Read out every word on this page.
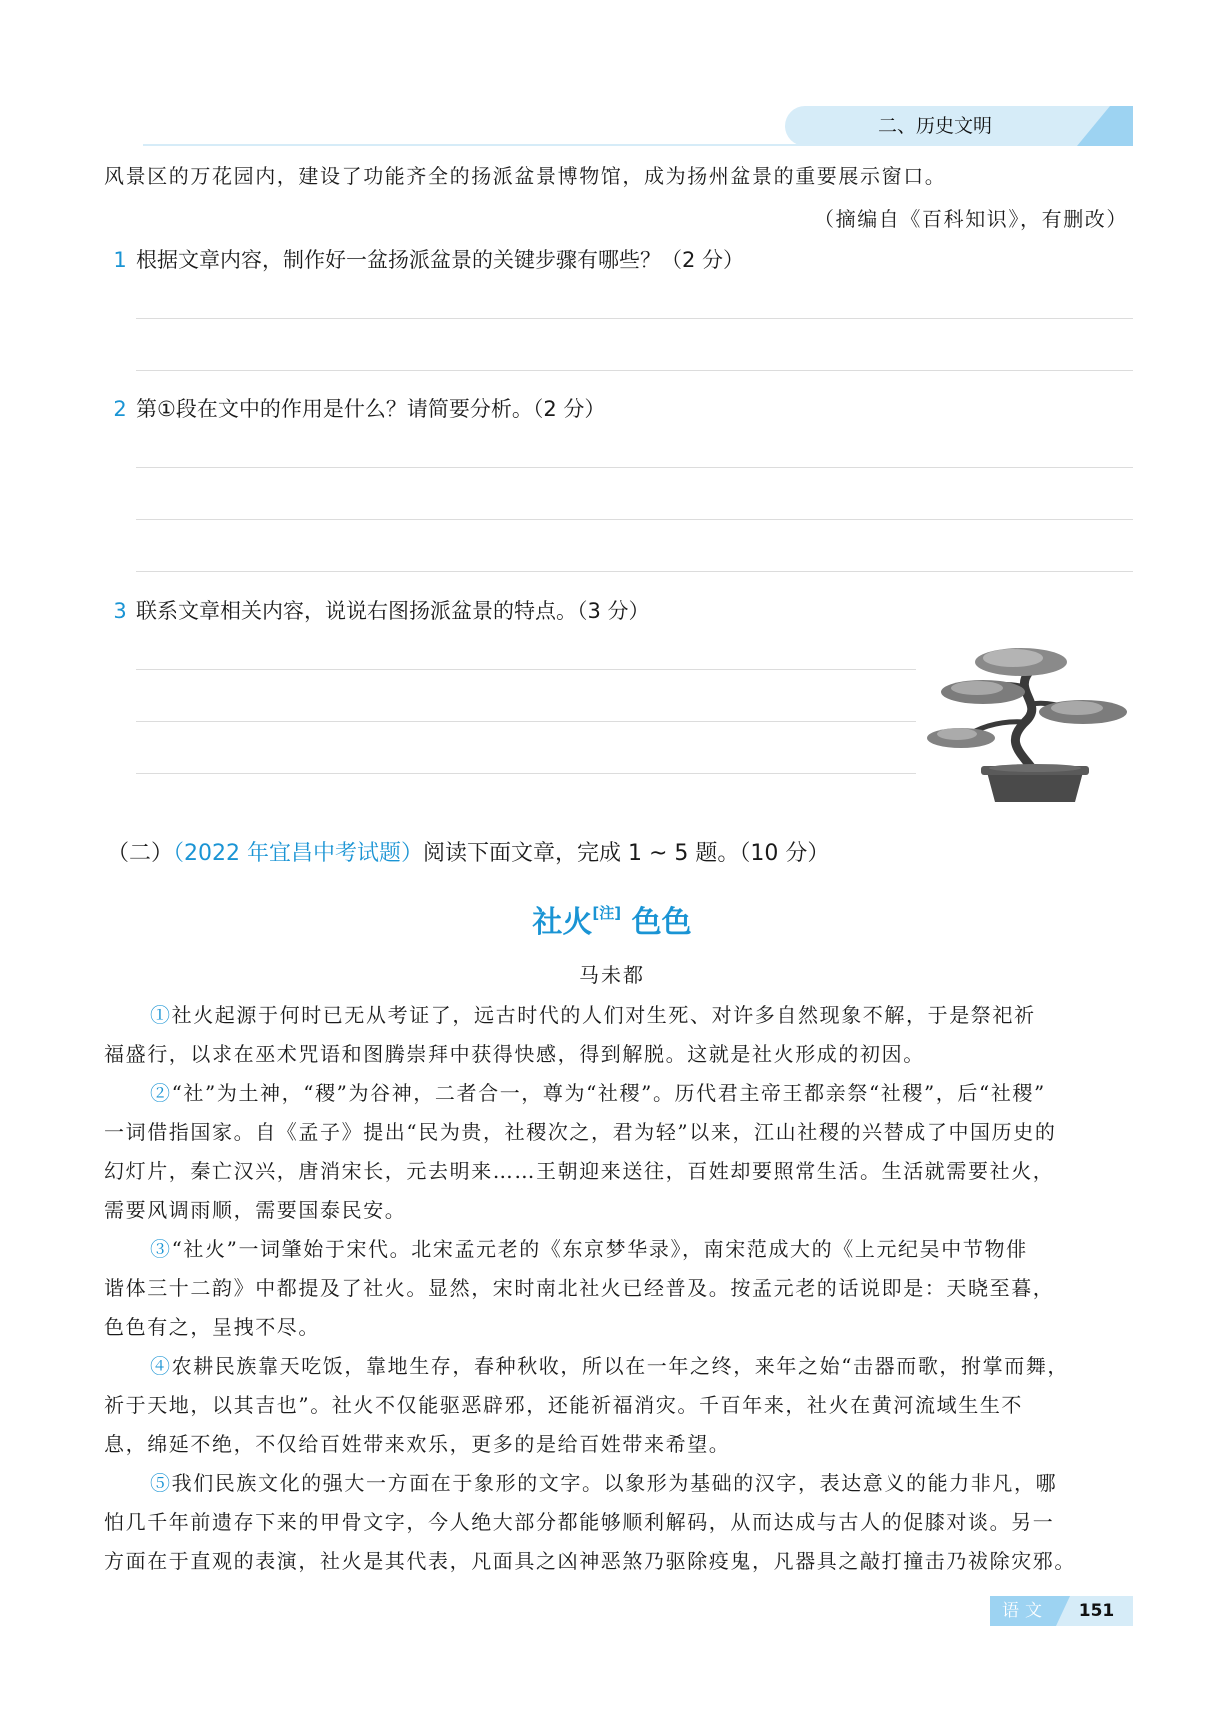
二、历史文明
风景区的万花园内，建设了功能齐全的扬派盆景博物馆，成为扬州盆景的重要展示窗口。
（摘编自《百科知识》，有删改）
1 根据文章内容，制作好一盆扬派盆景的关键步骤有哪些？（2 分）
2 第①段在文中的作用是什么？请简要分析。（2 分）
3 联系文章相关内容，说说右图扬派盆景的特点。（3 分）
（二）（2022 年宜昌中考试题）阅读下面文章，完成 1 ~ 5 题。（10 分）
社火[注] 色色
马未都
①社火起源于何时已无从考证了，远古时代的人们对生死、对许多自然现象不解，于是祭祀祈
福盛行，以求在巫术咒语和图腾崇拜中获得快感，得到解脱。这就是社火形成的初因。
②“社”为土神，“稷”为谷神，二者合一，尊为“社稷”。历代君主帝王都亲祭“社稷”，后“社稷”
一词借指国家。自《孟子》提出“民为贵，社稷次之，君为轻”以来，江山社稷的兴替成了中国历史的
幻灯片，秦亡汉兴，唐消宋长，元去明来……王朝迎来送往，百姓却要照常生活。生活就需要社火，
需要风调雨顺，需要国泰民安。
③“社火”一词肇始于宋代。北宋孟元老的《东京梦华录》，南宋范成大的《上元纪吴中节物俳
谐体三十二韵》中都提及了社火。显然，宋时南北社火已经普及。按孟元老的话说即是：天晓至暮，
色色有之，呈拽不尽。
④农耕民族靠天吃饭，靠地生存，春种秋收，所以在一年之终，来年之始“击器而歌，拊掌而舞，
祈于天地，以其吉也”。社火不仅能驱恶辟邪，还能祈福消灾。千百年来，社火在黄河流域生生不
息，绵延不绝，不仅给百姓带来欢乐，更多的是给百姓带来希望。
⑤我们民族文化的强大一方面在于象形的文字。以象形为基础的汉字，表达意义的能力非凡，哪
怕几千年前遗存下来的甲骨文字，今人绝大部分都能够顺利解码，从而达成与古人的促膝对谈。另一
方面在于直观的表演，社火是其代表，凡面具之凶神恶煞乃驱除疫鬼，凡器具之敲打撞击乃祓除灾邪。
语文	151
